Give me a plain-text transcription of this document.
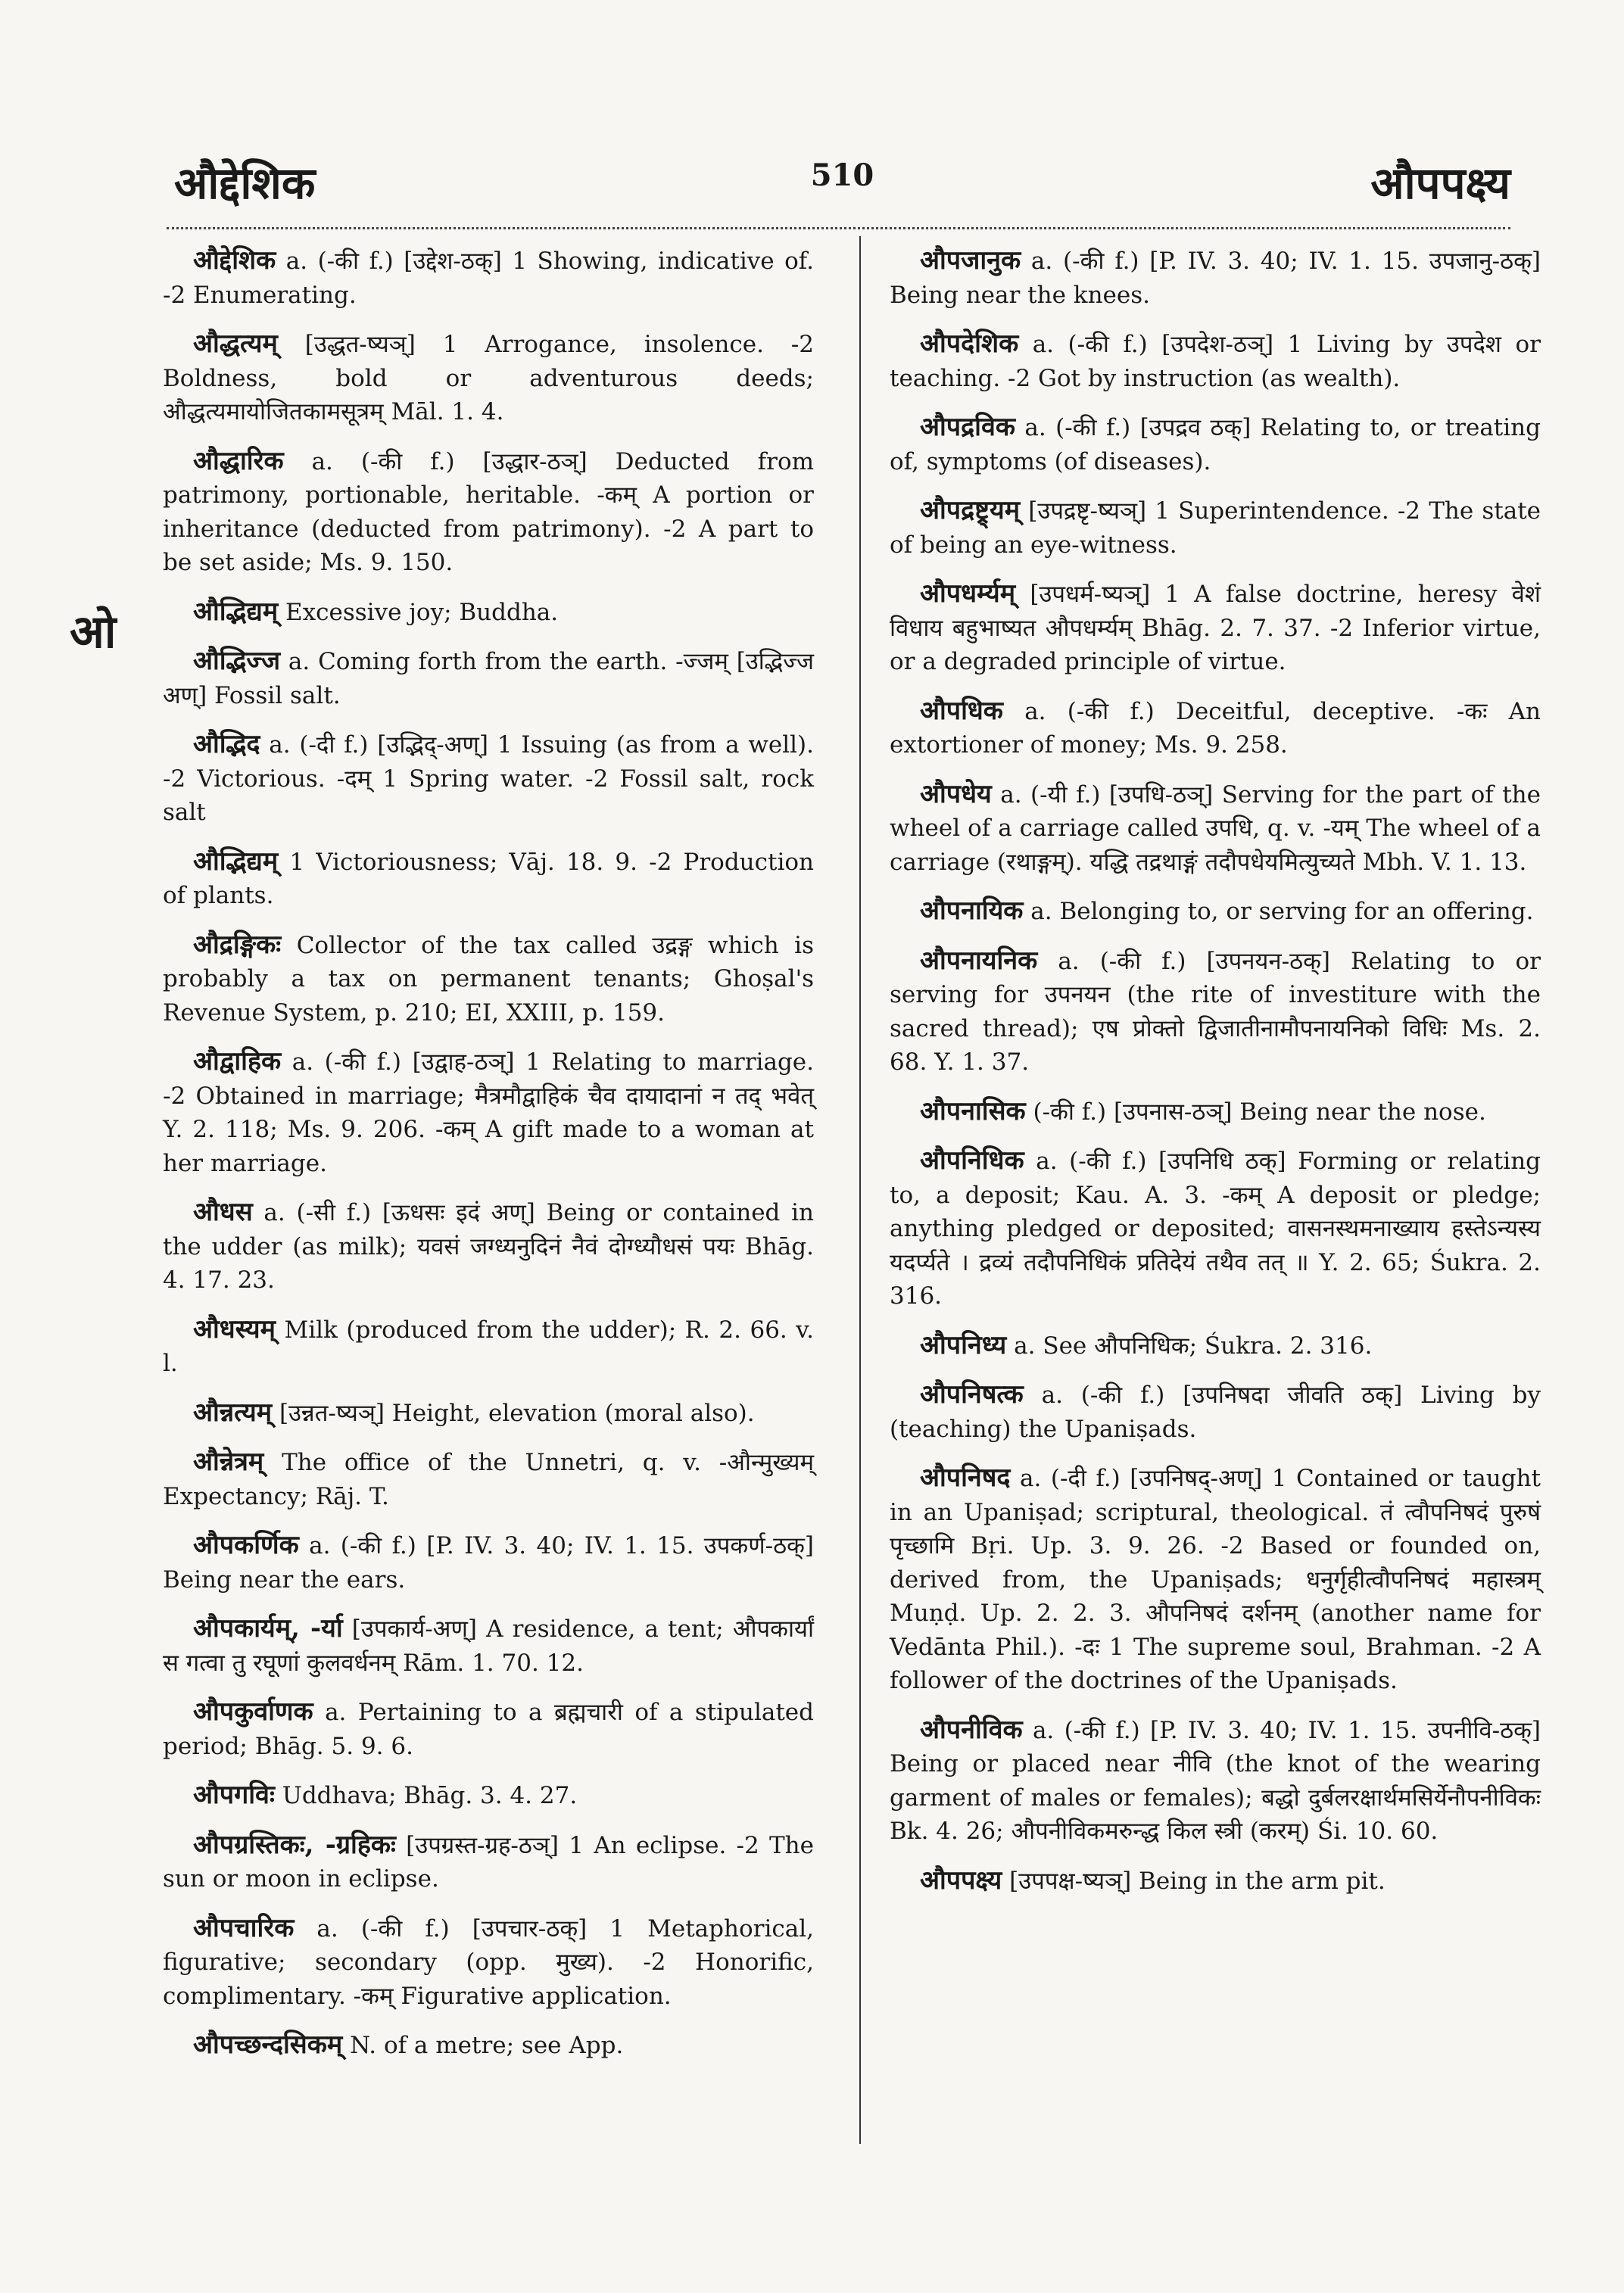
औद्देशिक	510	औपपक्ष्य
ओ

औद्देशिक a. (-की f.) [उद्देश-ठक्] 1 Showing, indicative of. -2 Enumerating.

औद्धत्यम् [उद्धत-ष्यञ्] 1 Arrogance, insolence. -2 Boldness, bold or adventurous deeds; औद्धत्यमायोजितकामसूत्रम् Māl. 1. 4.

औद्धारिक a. (-की f.) [उद्धार-ठञ्] Deducted from patrimony, portionable, heritable. -कम् A portion or inheritance (deducted from patrimony). -2 A part to be set aside; Ms. 9. 150.

औद्भिद्यम् Excessive joy; Buddha.

औद्भिज्ज a. Coming forth from the earth. -ज्जम् [उद्भिज्ज अण्] Fossil salt.

औद्भिद a. (-दी f.) [उद्भिद्-अण्] 1 Issuing (as from a well). -2 Victorious. -दम् 1 Spring water. -2 Fossil salt, rock salt

औद्भिद्यम् 1 Victoriousness; Vāj. 18. 9. -2 Production of plants.

औद्रङ्गिकः Collector of the tax called उद्रङ्ग which is probably a tax on permanent tenants; Ghoṣal's Revenue System, p. 210; EI, XXIII, p. 159.

औद्वाहिक a. (-की f.) [उद्वाह-ठञ्] 1 Relating to marriage. -2 Obtained in marriage; मैत्रमौद्वाहिकं चैव दायादानां न तद् भवेत् Y. 2. 118; Ms. 9. 206. -कम् A gift made to a woman at her marriage.

औधस a. (-सी f.) [ऊधसः इदं अण्] Being or contained in the udder (as milk); यवसं जग्ध्यनुदिनं नैवं दोग्ध्यौधसं पयः Bhāg. 4. 17. 23.

औधस्यम् Milk (produced from the udder); R. 2. 66. v. l.

औन्नत्यम् [उन्नत-ष्यञ्] Height, elevation (moral also).

औन्नेत्रम् The office of the Unnetri, q. v. -औन्मुख्यम् Expectancy; Rāj. T.

औपकर्णिक a. (-की f.) [P. IV. 3. 40; IV. 1. 15. उपकर्ण-ठक्] Being near the ears.

औपकार्यम्, -र्या [उपकार्य-अण्] A residence, a tent; औपकार्यां स गत्वा तु रघूणां कुलवर्धनम् Rām. 1. 70. 12.

औपकुर्वाणक a. Pertaining to a ब्रह्मचारी of a stipulated period; Bhāg. 5. 9. 6.

औपगविः Uddhava; Bhāg. 3. 4. 27.

औपग्रस्तिकः, -ग्रहिकः [उपग्रस्त-ग्रह-ठञ्] 1 An eclipse. -2 The sun or moon in eclipse.

औपचारिक a. (-की f.) [उपचार-ठक्] 1 Metaphorical, figurative; secondary (opp. मुख्य). -2 Honorific, complimentary. -कम् Figurative application.

औपच्छन्दसिकम् N. of a metre; see App.

औपजानुक a. (-की f.) [P. IV. 3. 40; IV. 1. 15. उपजानु-ठक्] Being near the knees.

औपदेशिक a. (-की f.) [उपदेश-ठञ्] 1 Living by उपदेश or teaching. -2 Got by instruction (as wealth).

औपद्रविक a. (-की f.) [उपद्रव ठक्] Relating to, or treating of, symptoms (of diseases).

औपद्रष्ट्र्यम् [उपद्रष्टृ-ष्यञ्] 1 Superintendence. -2 The state of being an eye-witness.

औपधर्म्यम् [उपधर्म-ष्यञ्] 1 A false doctrine, heresy वेशं विधाय बहुभाष्यत औपधर्म्यम् Bhāg. 2. 7. 37. -2 Inferior virtue, or a degraded principle of virtue.

औपधिक a. (-की f.) Deceitful, deceptive. -कः An extortioner of money; Ms. 9. 258.

औपधेय a. (-यी f.) [उपधि-ठञ्] Serving for the part of the wheel of a carriage called उपधि, q. v. -यम् The wheel of a carriage (रथाङ्गम्). यद्धि तद्रथाङ्गं तदौपधेयमित्युच्यते Mbh. V. 1. 13.

औपनायिक a. Belonging to, or serving for an offering.

औपनायनिक a. (-की f.) [उपनयन-ठक्] Relating to or serving for उपनयन (the rite of investiture with the sacred thread); एष प्रोक्तो द्विजातीनामौपनायनिको विधिः Ms. 2. 68. Y. 1. 37.

औपनासिक (-की f.) [उपनास-ठञ्] Being near the nose.

औपनिधिक a. (-की f.) [उपनिधि ठक्] Forming or relating to, a deposit; Kau. A. 3. -कम् A deposit or pledge; anything pledged or deposited; वासनस्थमनाख्याय हस्तेऽन्यस्य यदर्प्यते । द्रव्यं तदौपनिधिकं प्रतिदेयं तथैव तत् ॥ Y. 2. 65; Śukra. 2. 316.

औपनिध्य a. See औपनिधिक; Śukra. 2. 316.

औपनिषत्क a. (-की f.) [उपनिषदा जीवति ठक्] Living by (teaching) the Upaniṣads.

औपनिषद a. (-दी f.) [उपनिषद्-अण्] 1 Contained or taught in an Upaniṣad; scriptural, theological. तं त्वौपनिषदं पुरुषं पृच्छामि Bṛi. Up. 3. 9. 26. -2 Based or founded on, derived from, the Upaniṣads; धनुर्गृहीत्वौपनिषदं महास्त्रम् Muṇḍ. Up. 2. 2. 3. औपनिषदं दर्शनम् (another name for Vedānta Phil.). -दः 1 The supreme soul, Brahman. -2 A follower of the doctrines of the Upaniṣads.

औपनीविक a. (-की f.) [P. IV. 3. 40; IV. 1. 15. उपनीवि-ठक्] Being or placed near नीवि (the knot of the wearing garment of males or females); बद्धो दुर्बलरक्षार्थमसिर्येनौपनीविकः Bk. 4. 26; औपनीविकमरुन्द्ध किल स्त्री (करम्) Śi. 10. 60.

औपपक्ष्य [उपपक्ष-ष्यञ्] Being in the arm pit.
